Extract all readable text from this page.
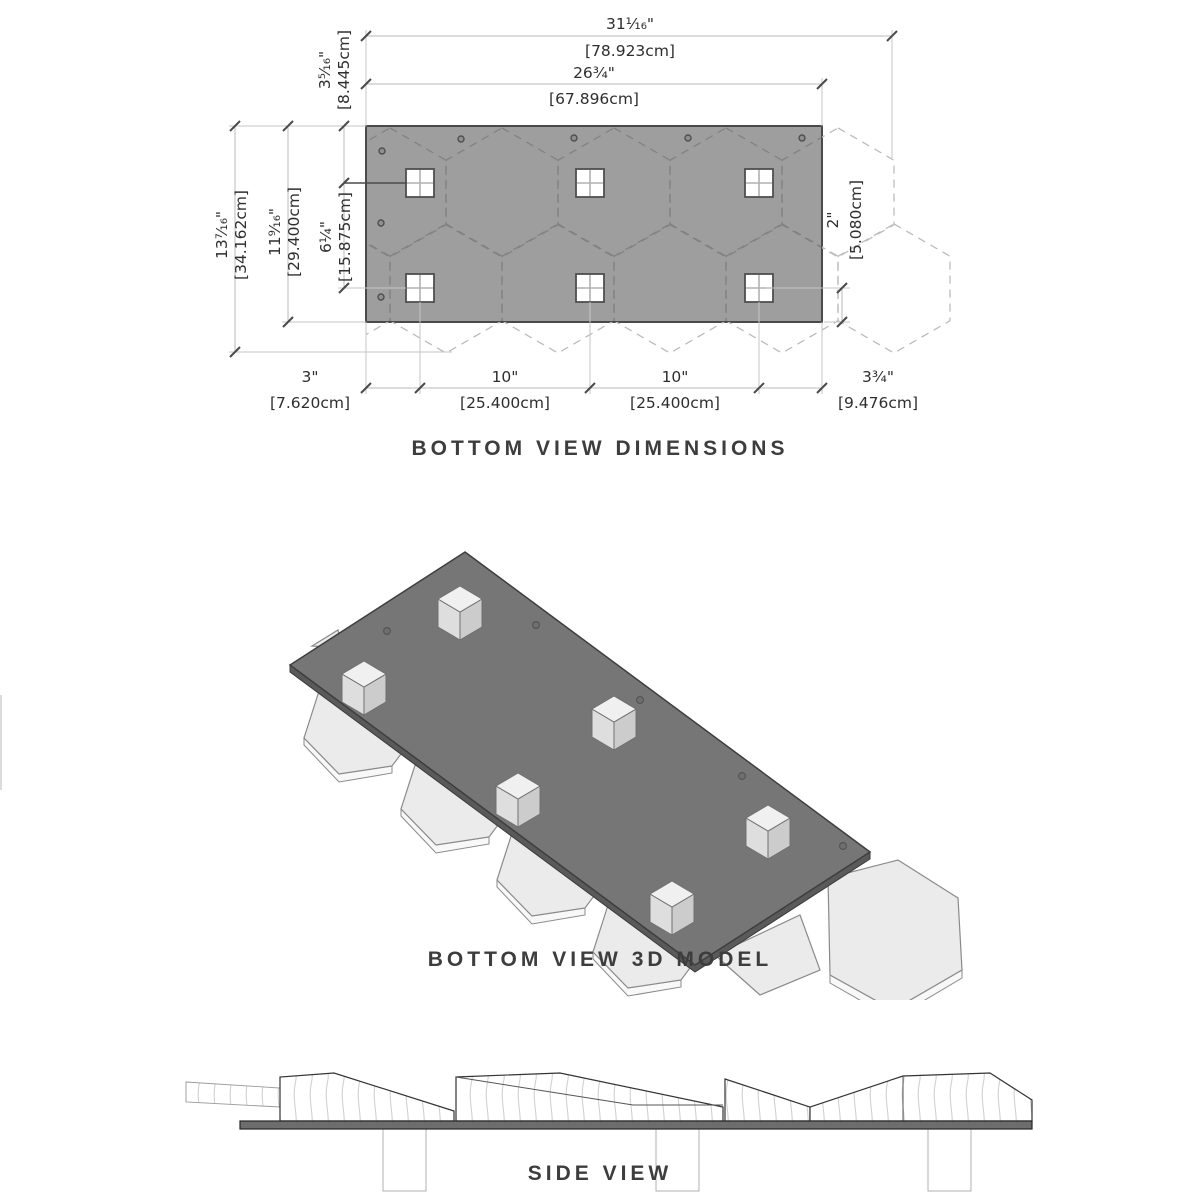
31¹⁄₁₆"
[78.923cm]
26³⁄₄"
[67.896cm]
3⁵⁄₁₆" [8.445cm]
13⁷⁄₁₆" [34.162cm] 11⁹⁄₁₆" [29.400cm] 6¹⁄₄" [15.875cm]	2" [5.080cm]
3"
[7.620cm]
10"
[25.400cm]
10"
[25.400cm]
3³⁄₄"
[9.476cm]
BOTTOM VIEW DIMENSIONS
BOTTOM VIEW 3D MODEL
SIDE VIEW
